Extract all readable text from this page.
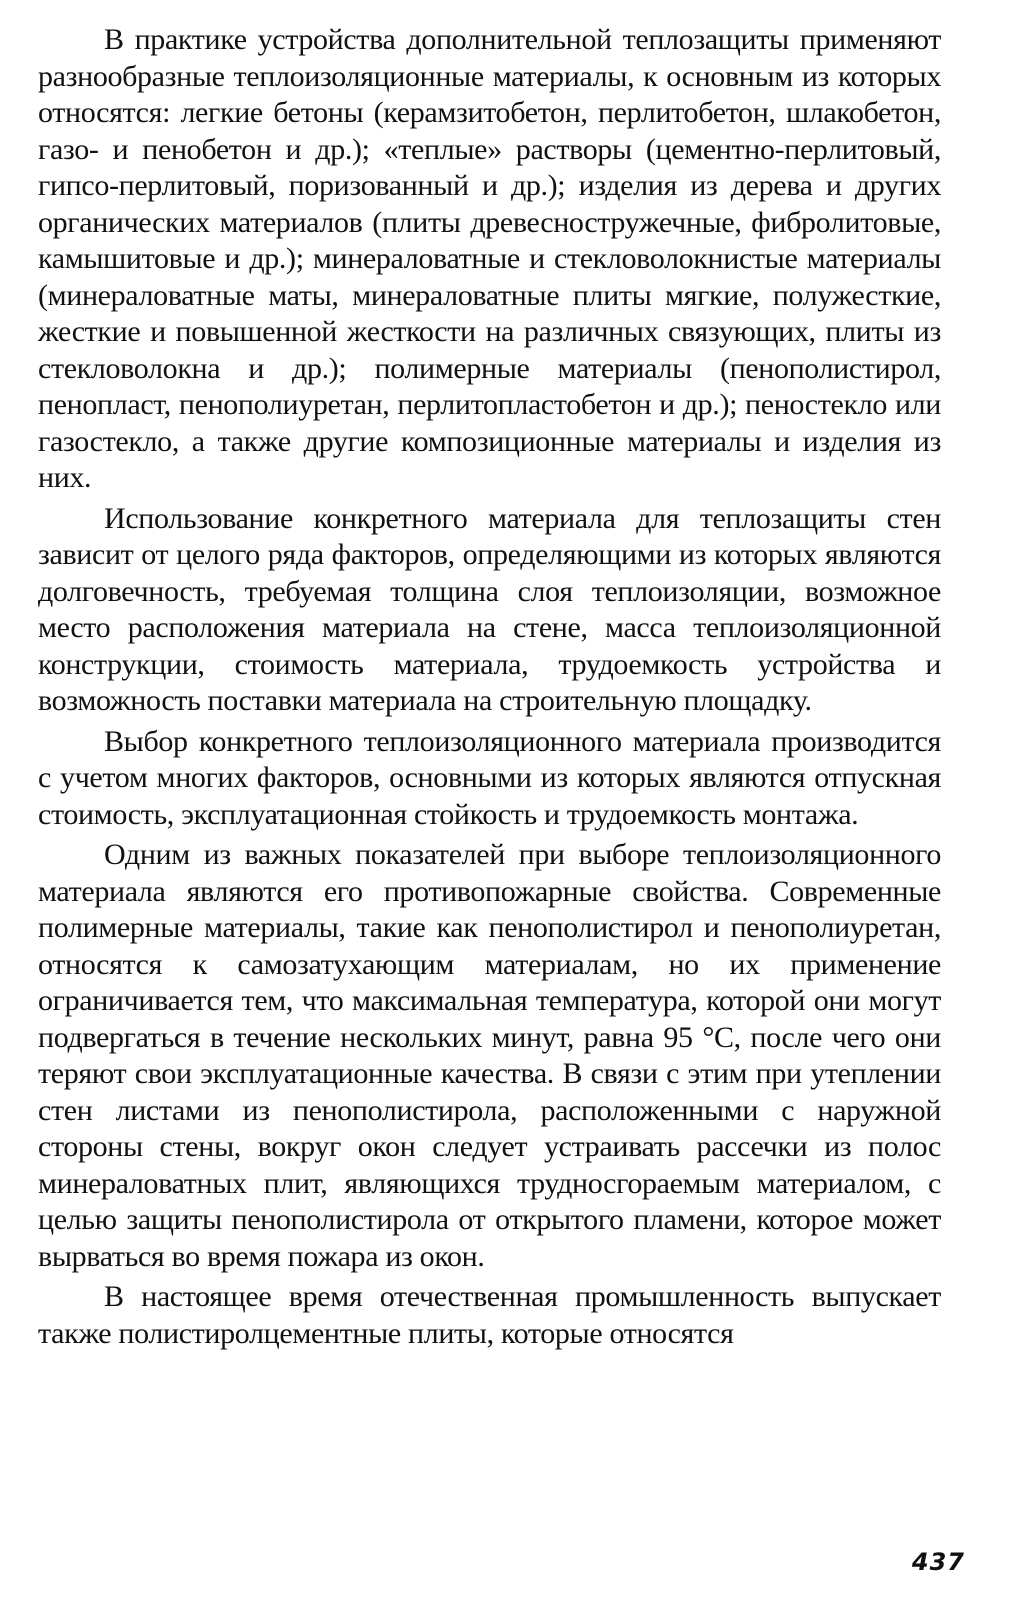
В практике устройства дополнительной теплозащиты применяют разнообразные теплоизоляционные материалы, к основным из которых относятся: легкие бетоны (керамзитобетон, перлитобетон, шлакобетон, газо- и пенобетон и др.); «теплые» растворы (цементно-перлитовый, гипсо-перлитовый, поризованный и др.); изделия из дерева и других органических материалов (плиты древесностружечные, фибролитовые, камышитовые и др.); минераловатные и стекловолокнистые материалы (минераловатные маты, минераловатные плиты мягкие, полужесткие, жесткие и повышенной жесткости на различных связующих, плиты из стекловолокна и др.); полимерные материалы (пенополистирол, пенопласт, пенополиуретан, перлитопластобетон и др.); пеностекло или газостекло, а также другие композиционные материалы и изделия из них.

Использование конкретного материала для теплозащиты стен зависит от целого ряда факторов, определяющими из которых являются долговечность, требуемая толщина слоя теплоизоляции, возможное место расположения материала на стене, масса теплоизоляционной конструкции, стоимость материала, трудоемкость устройства и возможность поставки материала на строительную площадку.

Выбор конкретного теплоизоляционного материала производится с учетом многих факторов, основными из которых являются отпускная стоимость, эксплуатационная стойкость и трудоемкость монтажа.

Одним из важных показателей при выборе теплоизоляционного материала являются его противопожарные свойства. Современные полимерные материалы, такие как пенополистирол и пенополиуретан, относятся к самозатухающим материалам, но их применение ограничивается тем, что максимальная температура, которой они могут подвергаться в течение нескольких минут, равна 95 °С, после чего они теряют свои эксплуатационные качества. В связи с этим при утеплении стен листами из пенополистирола, расположенными с наружной стороны стены, вокруг окон следует устраивать рассечки из полос минераловатных плит, являющихся трудносгораемым материалом, с целью защиты пенополистирола от открытого пламени, которое может вырваться во время пожара из окон.

В настоящее время отечественная промышленность выпускает также полистиролцементные плиты, которые относятся

437
